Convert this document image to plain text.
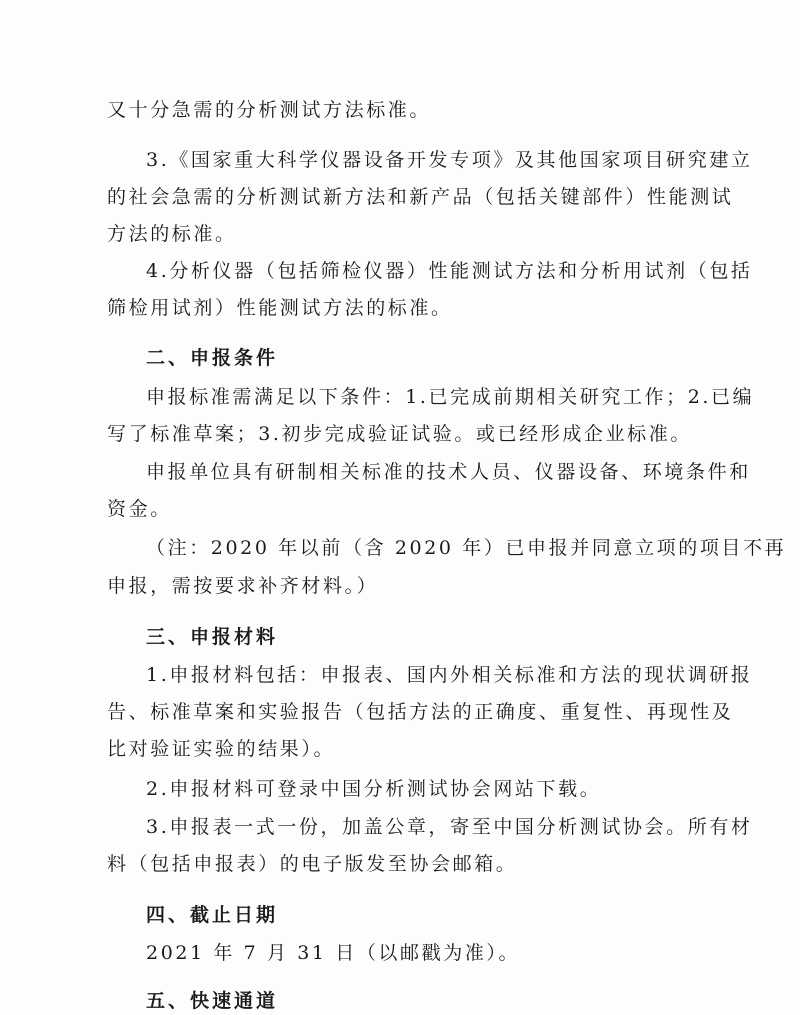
又十分急需的分析测试方法标准。
3.《国家重大科学仪器设备开发专项》及其他国家项目研究建立
的社会急需的分析测试新方法和新产品（包括关键部件）性能测试
方法的标准。
4.分析仪器（包括筛检仪器）性能测试方法和分析用试剂（包括
筛检用试剂）性能测试方法的标准。
二、申报条件
申报标准需满足以下条件：1.已完成前期相关研究工作；2.已编
写了标准草案；3.初步完成验证试验。或已经形成企业标准。
申报单位具有研制相关标准的技术人员、仪器设备、环境条件和
资金。
（注：2020 年以前（含 2020 年）已申报并同意立项的项目不再
申报，需按要求补齐材料。）
三、申报材料
1.申报材料包括：申报表、国内外相关标准和方法的现状调研报
告、标准草案和实验报告（包括方法的正确度、重复性、再现性及
比对验证实验的结果）。
2.申报材料可登录中国分析测试协会网站下载。
3.申报表一式一份，加盖公章，寄至中国分析测试协会。所有材
料（包括申报表）的电子版发至协会邮箱。
四、截止日期
2021 年 7 月 31 日（以邮戳为准）。
五、快速通道
